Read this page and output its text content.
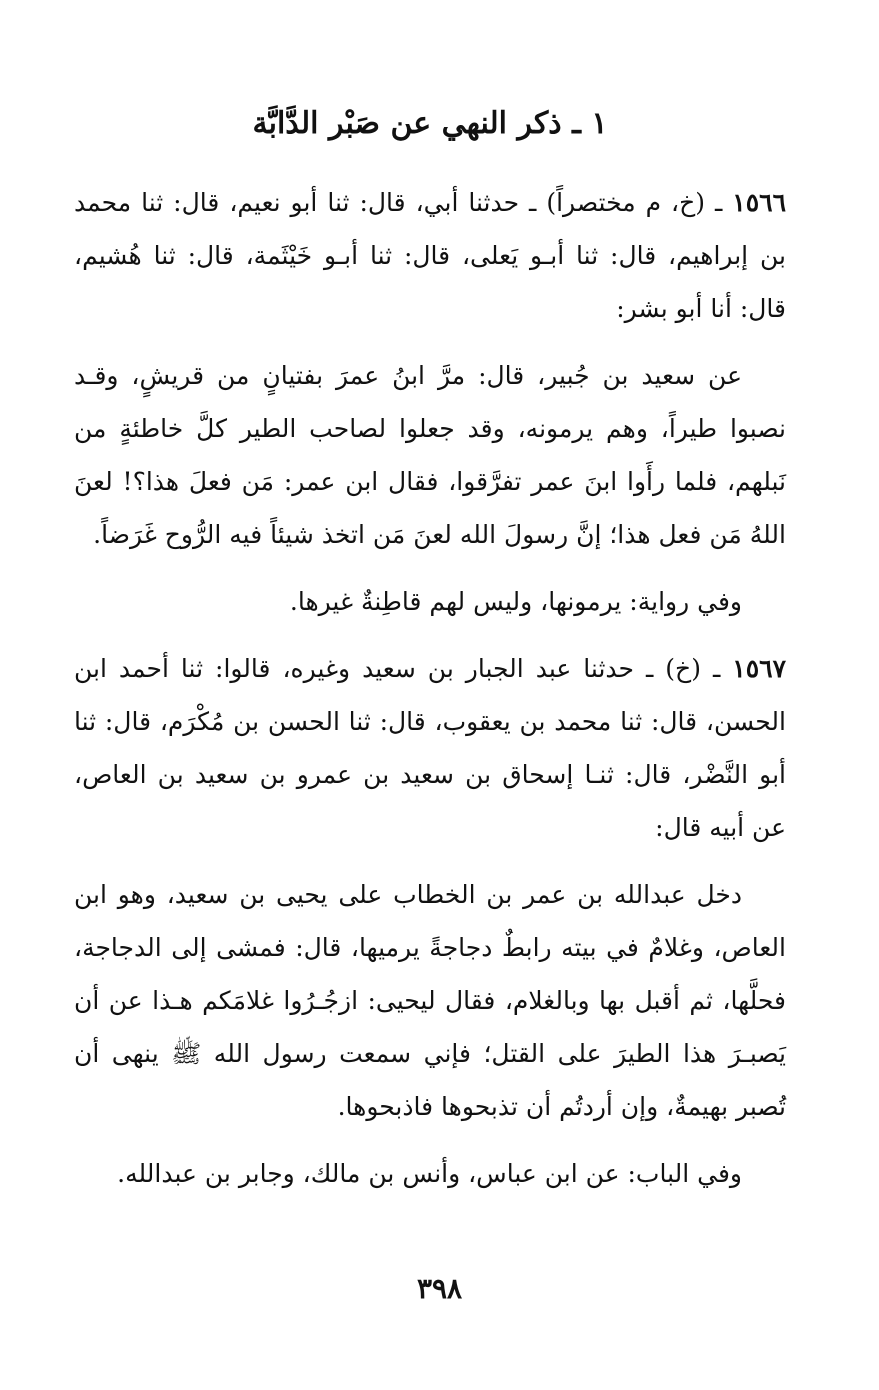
١ ـ ذكر النهي عن صَبْر الدَّابَّة

١٥٦٦ ـ (خ، م مختصراً) ـ حدثنا أبي، قال: ثنا أبو نعيم، قال: ثنا محمد بن إبراهيم، قال: ثنا أبـو يَعلى، قال: ثنا أبـو خَيْثَمة، قال: ثنا هُشيم، قال: أنا أبو بشر:

عن سعيد بن جُبير، قال: مرَّ ابنُ عمرَ بفتيانٍ من قريشٍ، وقـد نصبوا طيراً، وهم يرمونه، وقد جعلوا لصاحب الطير كلَّ خاطئةٍ من نَبلهم، فلما رأَوا ابنَ عمر تفرَّقوا، فقال ابن عمر: مَن فعلَ هذا؟! لعنَ اللهُ مَن فعل هذا؛ إنَّ رسولَ الله لعنَ مَن اتخذ شيئاً فيه الرُّوح غَرَضاً.

وفي رواية: يرمونها، وليس لهم قاطِنةٌ غيرها.

١٥٦٧ ـ (خ) ـ حدثنا عبد الجبار بن سعيد وغيره، قالوا: ثنا أحمد ابن الحسن، قال: ثنا محمد بن يعقوب، قال: ثنا الحسن بن مُكْرَم، قال: ثنا أبو النَّضْر، قال: ثنـا إسحاق بن سعيد بن عمرو بن سعيد بن العاص، عن أبيه قال:

دخل عبدالله بن عمر بن الخطاب على يحيى بن سعيد، وهو ابن العاص، وغلامٌ في بيته رابطٌ دجاجةً يرميها، قال: فمشى إلى الدجاجة، فحلَّها، ثم أقبل بها وبالغلام، فقال ليحيى: ازجُـرُوا غلامَكم هـذا عن أن يَصبـرَ هذا الطيرَ على القتل؛ فإني سمعت رسول الله ﷺ ينهى أن تُصبر بهيمةٌ، وإن أردتُم أن تذبحوها فاذبحوها.

وفي الباب: عن ابن عباس، وأنس بن مالك، وجابر بن عبدالله.

٣٩٨
